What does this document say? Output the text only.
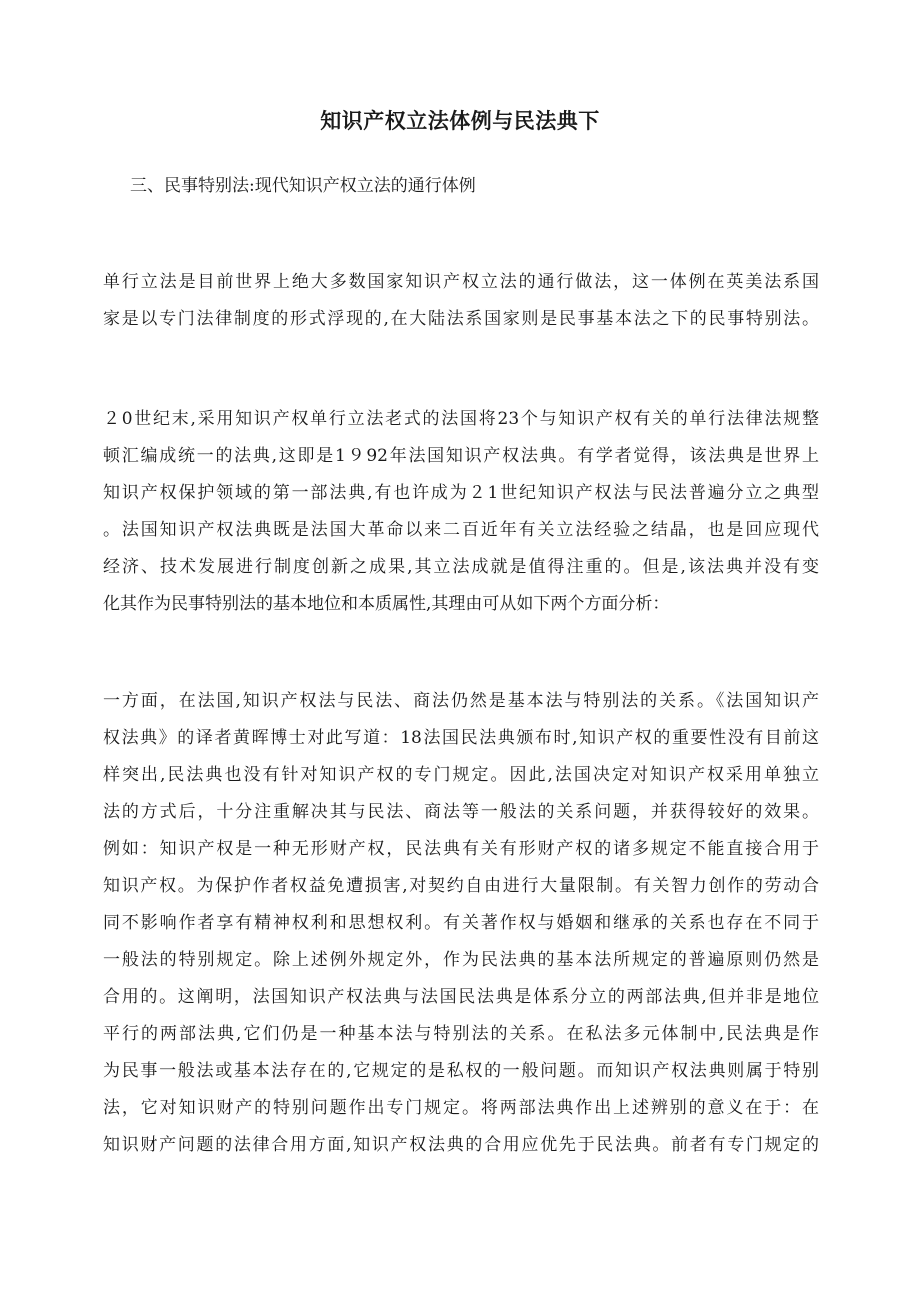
知识产权立法体例与民法典下
三、民事特别法:现代知识产权立法的通行体例
单行立法是目前世界上绝大多数国家知识产权立法的通行做法，这一体例在英美法系国
家是以专门法律制度的形式浮现的,在大陆法系国家则是民事基本法之下的民事特别法。
２0世纪末,采用知识产权单行立法老式的法国将23个与知识产权有关的单行法律法规整
顿汇编成统一的法典,这即是1９92年法国知识产权法典。有学者觉得，该法典是世界上
知识产权保护领域的第一部法典,有也许成为２1世纪知识产权法与民法普遍分立之典型
。法国知识产权法典既是法国大革命以来二百近年有关立法经验之结晶，也是回应现代
经济、技术发展进行制度创新之成果,其立法成就是值得注重的。但是,该法典并没有变
化其作为民事特别法的基本地位和本质属性,其理由可从如下两个方面分析：
一方面，在法国,知识产权法与民法、商法仍然是基本法与特别法的关系。《法国知识产
权法典》的译者黄晖博士对此写道：18法国民法典颁布时,知识产权的重要性没有目前这
样突出,民法典也没有针对知识产权的专门规定。因此,法国决定对知识产权采用单独立
法的方式后，十分注重解决其与民法、商法等一般法的关系问题，并获得较好的效果。
例如：知识产权是一种无形财产权，民法典有关有形财产权的诸多规定不能直接合用于
知识产权。为保护作者权益免遭损害,对契约自由进行大量限制。有关智力创作的劳动合
同不影响作者享有精神权利和思想权利。有关著作权与婚姻和继承的关系也存在不同于
一般法的特别规定。除上述例外规定外，作为民法典的基本法所规定的普遍原则仍然是
合用的。这阐明，法国知识产权法典与法国民法典是体系分立的两部法典,但并非是地位
平行的两部法典,它们仍是一种基本法与特别法的关系。在私法多元体制中,民法典是作
为民事一般法或基本法存在的,它规定的是私权的一般问题。而知识产权法典则属于特别
法，它对知识财产的特别问题作出专门规定。将两部法典作出上述辨别的意义在于：在
知识财产问题的法律合用方面,知识产权法典的合用应优先于民法典。前者有专门规定的
